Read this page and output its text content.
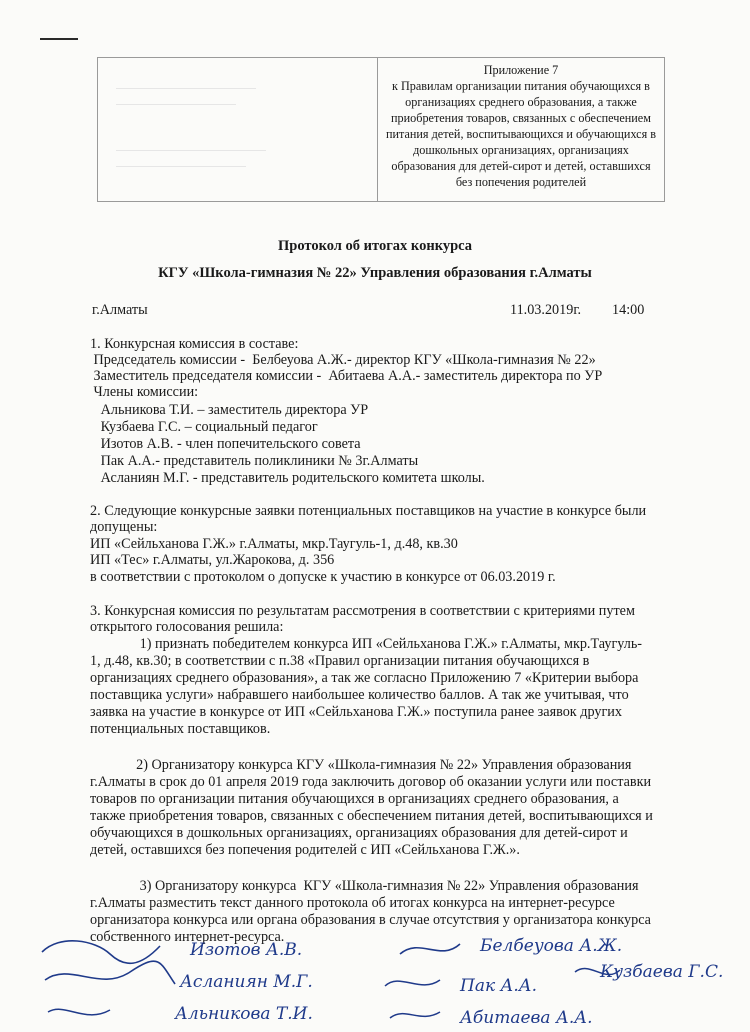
Приложение 7
к Правилам организации питания обучающихся в
организациях среднего образования, а также
приобретения товаров, связанных с обеспечением
питания детей, воспитывающихся и обучающихся в
дошкольных организациях, организациях
образования для детей-сирот и детей, оставшихся
без попечения родителей
Протокол об итогах конкурса
КГУ «Школа-гимназия № 22» Управления образования г.Алматы
г.Алматы	11.03.2019г. 14:00
1. Конкурсная комиссия в составе:
Председатель комиссии -  Белбеуова А.Ж.- директор КГУ «Школа-гимназия № 22»
Заместитель председателя комиссии -  Абитаева А.А.- заместитель директора по УР
Члены комиссии:
Альникова Т.И. – заместитель директора УР
Кузбаева Г.С. – социальный педагог
Изотов А.В. - член попечительского совета
Пак А.А.- представитель поликлиники № 3г.Алматы
Асланиян М.Г. - представитель родительского комитета школы.
2. Следующие конкурсные заявки потенциальных поставщиков на участие в конкурсе были
допущены:
ИП «Сейльханова Г.Ж.» г.Алматы, мкр.Таугуль-1, д.48, кв.30
ИП «Тес» г.Алматы, ул.Жарокова, д. 356
в соответствии с протоколом о допуске к участию в конкурсе от 06.03.2019 г.
3. Конкурсная комиссия по результатам рассмотрения в соответствии с критериями путем
открытого голосования решила:
1) признать победителем конкурса ИП «Сейльханова Г.Ж.» г.Алматы, мкр.Таугуль-
1, д.48, кв.30; в соответствии с п.38 «Правил организации питания обучающихся в
организациях среднего образования», а так же согласно Приложению 7 «Критерии выбора
поставщика услуги» набравшего наибольшее количество баллов. А так же учитывая, что
заявка на участие в конкурсе от ИП «Сейльханова Г.Ж.» поступила ранее заявок других
потенциальных поставщиков.
2) Организатору конкурса КГУ «Школа-гимназия № 22» Управления образования
г.Алматы в срок до 01 апреля 2019 года заключить договор об оказании услуги или поставки
товаров по организации питания обучающихся в организациях среднего образования, а
также приобретения товаров, связанных с обеспечением питания детей, воспитывающихся и
обучающихся в дошкольных организациях, организациях образования для детей-сирот и
детей, оставшихся без попечения родителей с ИП «Сейльханова Г.Ж.».
3) Организатору конкурса  КГУ «Школа-гимназия № 22» Управления образования
г.Алматы разместить текст данного протокола об итогах конкурса на интернет-ресурсе
организатора конкурса или органа образования в случае отсутствия у организатора конкурса
собственного интернет-ресурса.
Изотов А.В.	Белбеуова А.Ж.
Асланиян М.Г.	Пак А.А.
Кузбаева Г.С.
Альникова Т.И.	Абитаева А.А.
